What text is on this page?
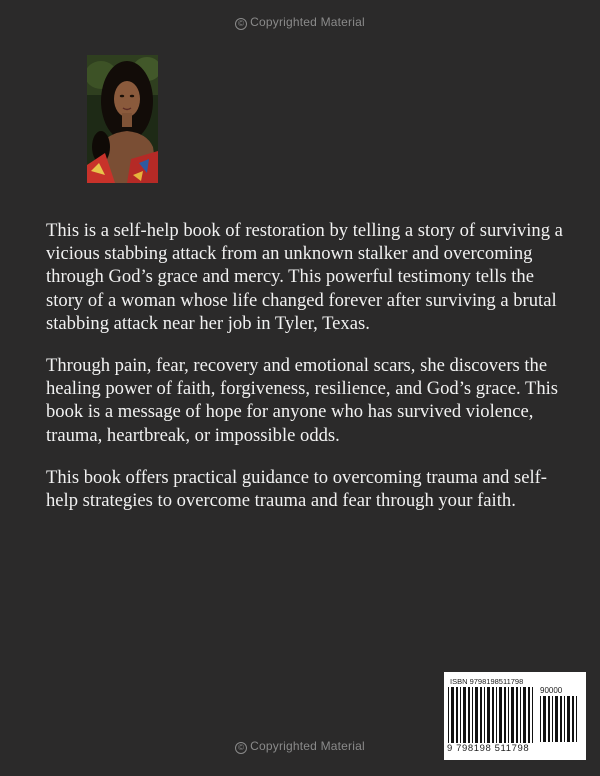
© Copyrighted Material

This is a self-help book of restoration by telling a story of surviving a vicious stabbing attack from an unknown stalker and overcoming through God’s grace and mercy. This powerful testimony tells the story of a woman whose life changed forever after surviving a brutal stabbing attack near her job in Tyler, Texas.

Through pain, fear, recovery and emotional scars, she discovers the healing power of faith, forgiveness, resilience, and God’s grace. This book is a message of hope for anyone who has survived violence, trauma, heartbreak, or impossible odds.

This book offers practical guidance to overcoming trauma and self-help strategies to overcome trauma and fear through your faith.

ISBN 9798198511798
90000
9 798198 511798
© Copyrighted Material
